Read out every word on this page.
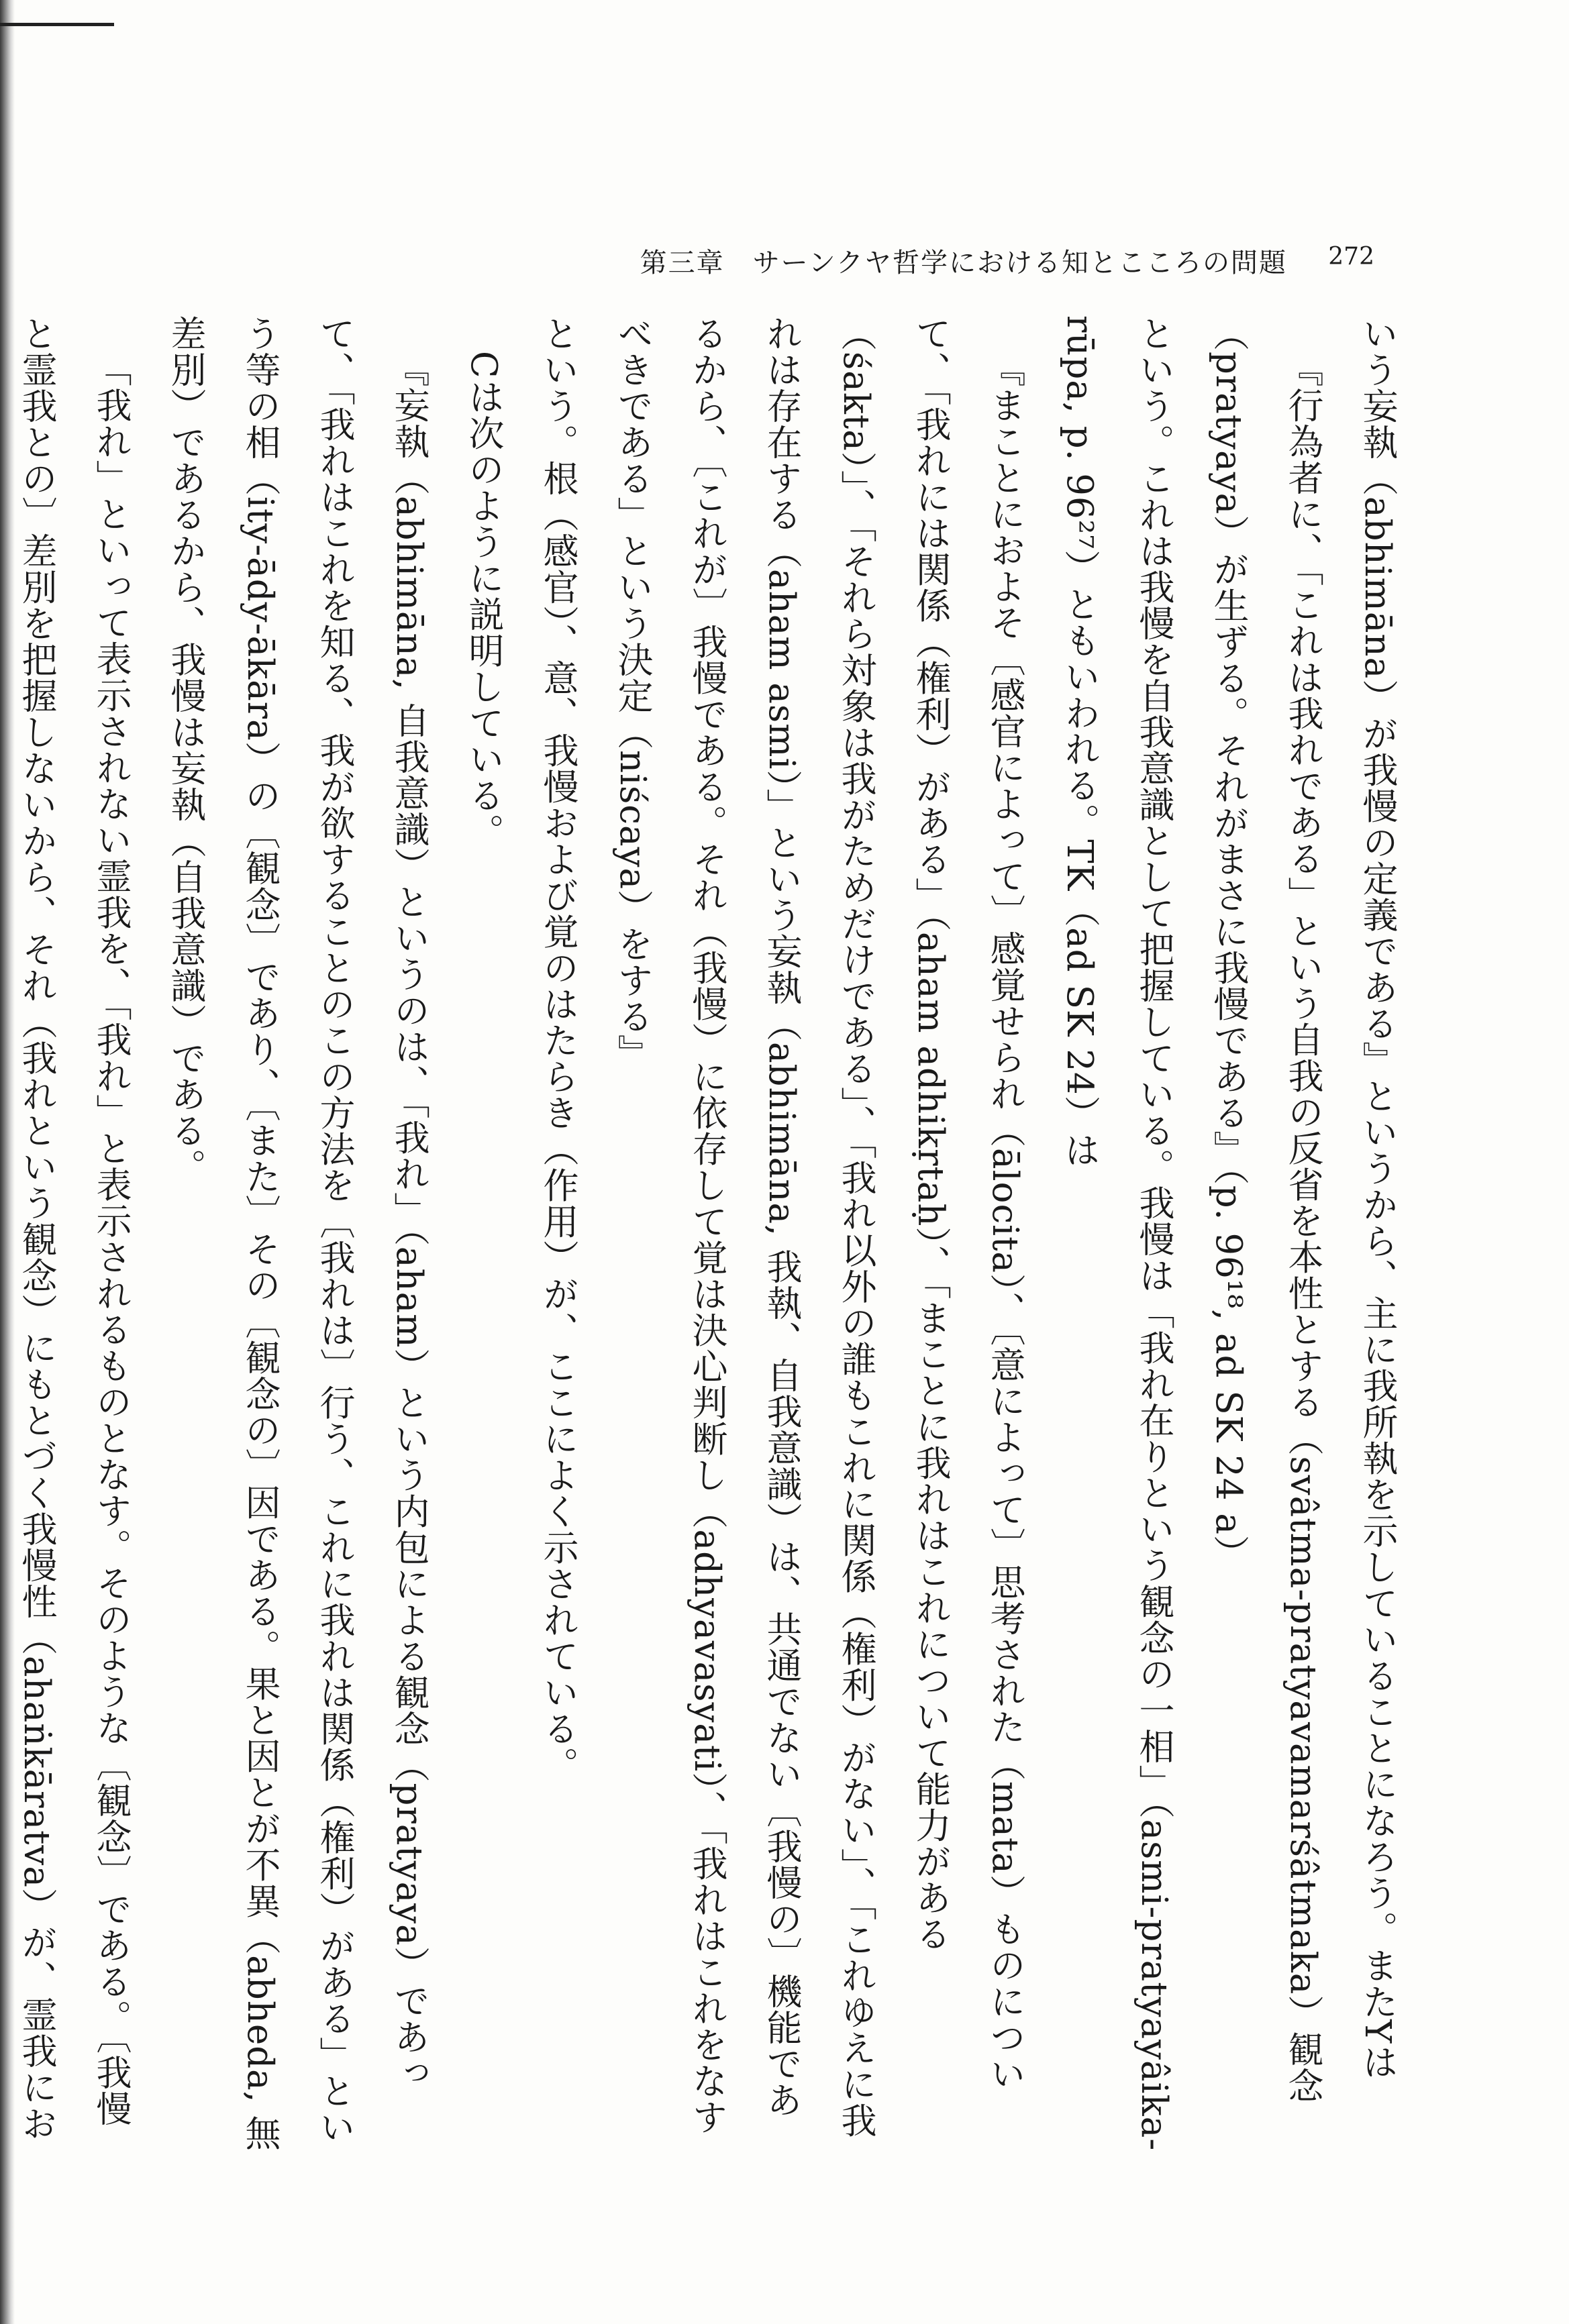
第三章　サーンクヤ哲学における知とこころの問題 272

いう妄執（abhimāna）が我慢の定義である』というから、主に我所執を示していることになろう。またYは

『行為者に、「これは我れである」という自我の反省を本性とする（svâtma-pratyavamarśâtmaka）観念（pratyaya）が生ずる。それがまさに我慢である』（p. 96¹⁸, ad SK 24 a）

という。これは我慢を自我意識として把握している。我慢は「我れ在りという観念の一相」（asmi-pratyayâika-rūpa, p. 96²⁷）ともいわれる。TK（ad SK 24）は

『まことにおよそ〔感官によって〕感覚せられ（ālocita）、〔意によって〕思考された（mata）ものについて、「我れには関係（権利）がある」（aham adhikṛtaḥ）、「まことに我れはこれについて能力がある（śakta）」、「それら対象は我がためだけである」、「我れ以外の誰もこれに関係（権利）がない」、「これゆえに我れは存在する（aham asmi）」という妄執（abhimāna, 我執、自我意識）は、共通でない〔我慢の〕機能であるから、〔これが〕我慢である。それ（我慢）に依存して覚は決心判断し（adhyavasyati）、「我れはこれをなすべきである」という決定（niścaya）をする』

という。根（感官）、意、我慢および覚のはたらき（作用）が、ここによく示されている。

Cは次のように説明している。

『妄執（abhimāna, 自我意識）というのは、「我れ」（aham）という内包による観念（pratyaya）であって、「我れはこれを知る、我が欲することのこの方法を〔我れは〕行う、これに我れは関係（権利）がある」という等の相（ity-ādy-ākāra）の〔観念〕であり、〔また〕その〔観念の〕因である。果と因とが不異（abheda, 無差別）であるから、我慢は妄執（自我意識）である。

「我れ」といって表示されない霊我を、「我れ」と表示されるものとなす。そのような〔観念〕である。〔我慢と霊我との〕差別を把握しないから、それ（我れという観念）にもとづく我慢性（ahaṅkāratva）が、霊我にお
